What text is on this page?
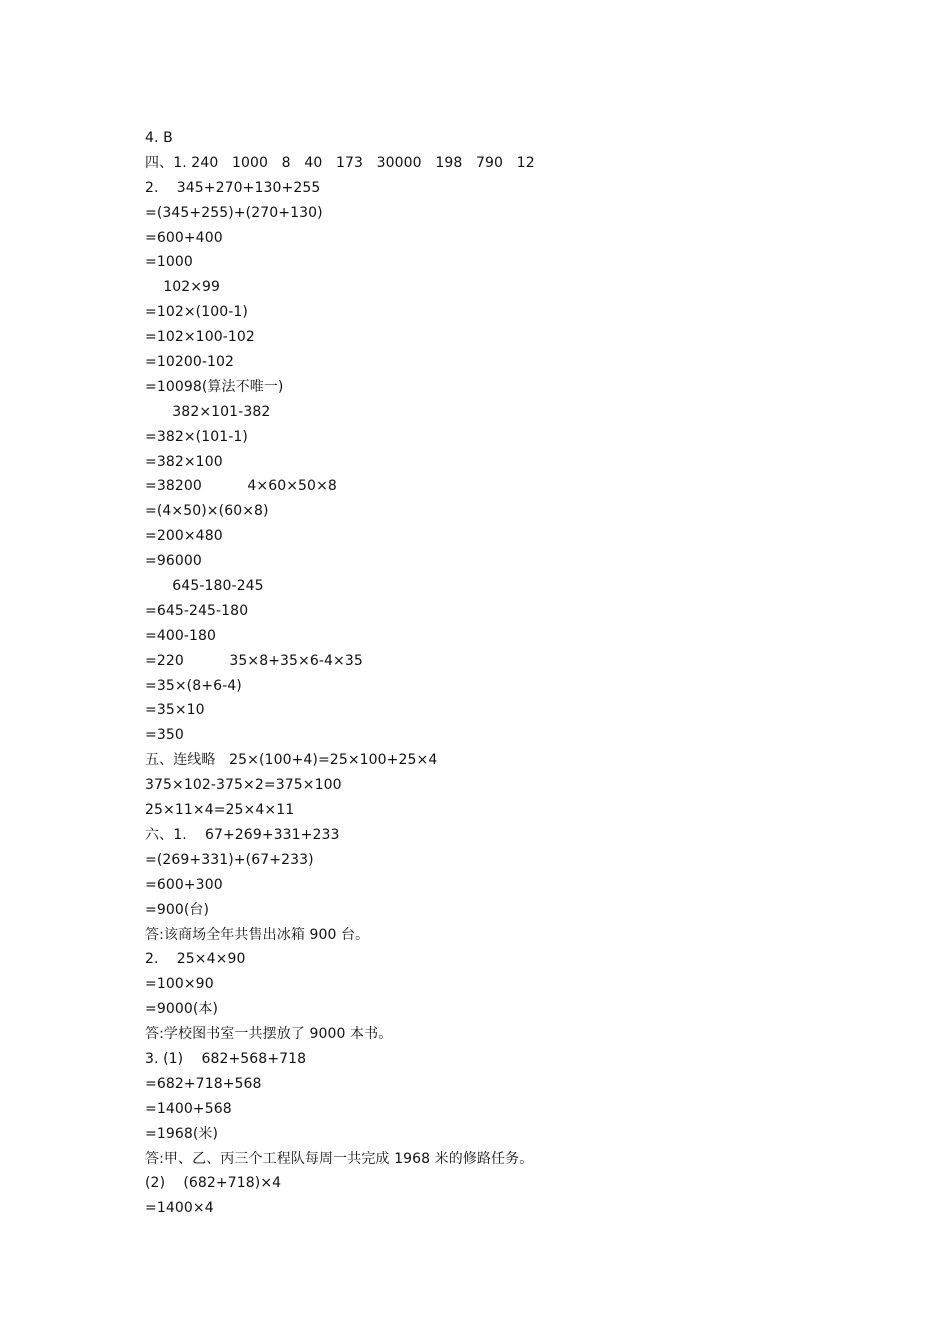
4. B
四、1. 240   1000   8   40   173   30000   198   790   12
2.    345+270+130+255
=(345+255)+(270+130)
=600+400
=1000
102×99
=102×(100-1)
=102×100-102
=10200-102
=10098(算法不唯一)
382×101-382
=382×(101-1)
=382×100
=38200          4×60×50×8
=(4×50)×(60×8)
=200×480
=96000
645-180-245
=645-245-180
=400-180
=220          35×8+35×6-4×35
=35×(8+6-4)
=35×10
=350
五、连线略   25×(100+4)=25×100+25×4
375×102-375×2=375×100
25×11×4=25×4×11
六、1.    67+269+331+233
=(269+331)+(67+233)
=600+300
=900(台)
答:该商场全年共售出冰箱 900 台。
2.    25×4×90
=100×90
=9000(本)
答:学校图书室一共摆放了 9000 本书。
3. (1)    682+568+718
=682+718+568
=1400+568
=1968(米)
答:甲、乙、丙三个工程队每周一共完成 1968 米的修路任务。
(2)    (682+718)×4
=1400×4
